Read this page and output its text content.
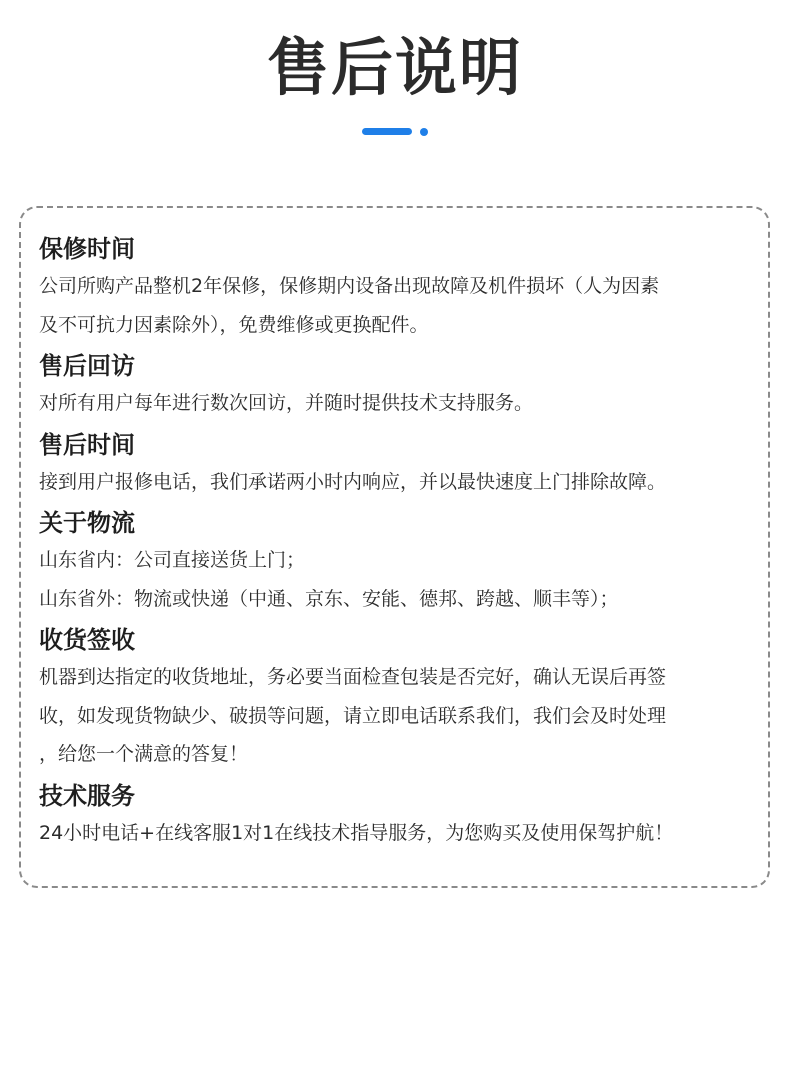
售后说明
保修时间
公司所购产品整机2年保修，保修期内设备出现故障及机件损坏（人为因素
及不可抗力因素除外），免费维修或更换配件。
售后回访
对所有用户每年进行数次回访，并随时提供技术支持服务。
售后时间
接到用户报修电话，我们承诺两小时内响应，并以最快速度上门排除故障。
关于物流
山东省内：公司直接送货上门；
山东省外：物流或快递（中通、京东、安能、德邦、跨越、顺丰等）；
收货签收
机器到达指定的收货地址，务必要当面检查包装是否完好，确认无误后再签
收，如发现货物缺少、破损等问题，请立即电话联系我们，我们会及时处理
，给您一个满意的答复！
技术服务
24小时电话+在线客服1对1在线技术指导服务，为您购买及使用保驾护航！
